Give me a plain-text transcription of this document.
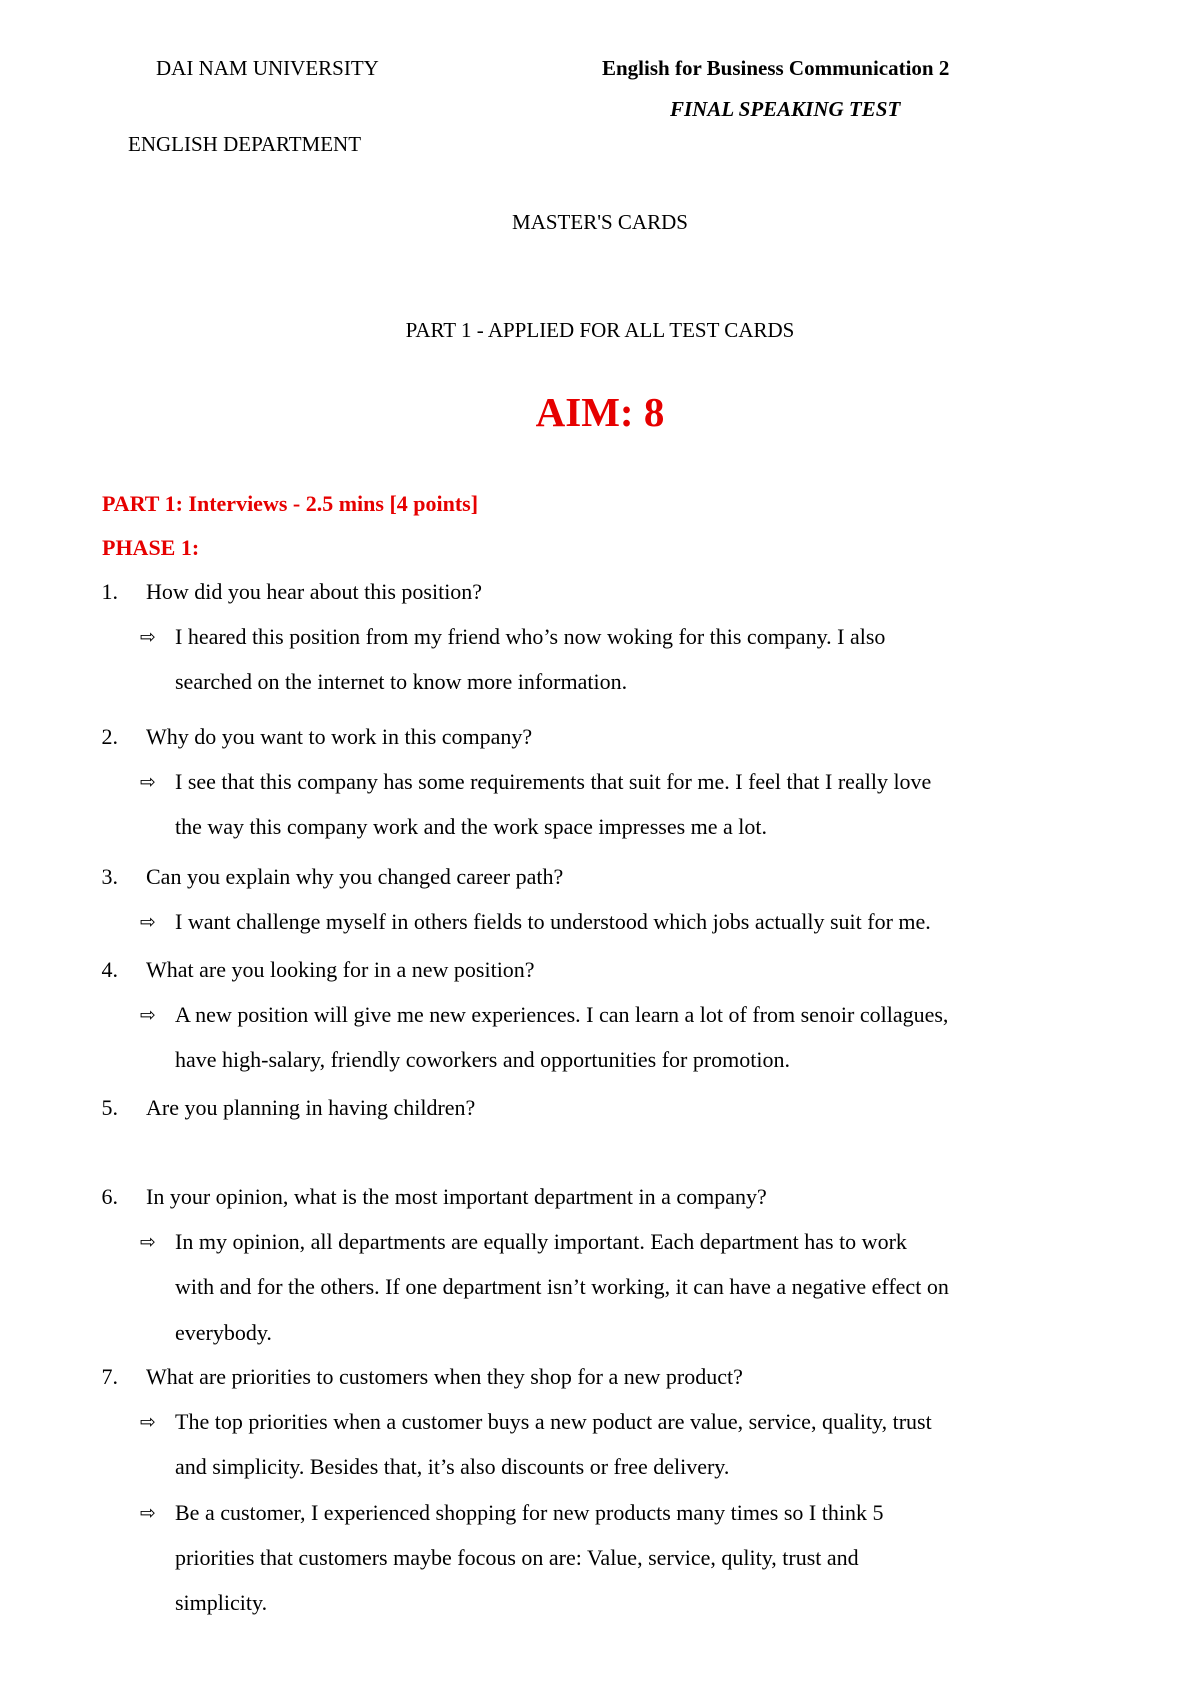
DAI NAM UNIVERSITY
ENGLISH DEPARTMENT
English for Business Communication 2
FINAL SPEAKING TEST
MASTER'S CARDS
PART 1 - APPLIED FOR ALL TEST CARDS
AIM: 8
PART 1: Interviews - 2.5 mins [4 points]
PHASE 1:
1. How did you hear about this position?
⇨ I heared this position from my friend who’s now woking for this company. I also
searched on the internet to know more information.
2. Why do you want to work in this company?
⇨ I see that this company has some requirements that suit for me. I feel that I really love
the way this company work and the work space impresses me a lot.
3. Can you explain why you changed career path?
⇨ I want challenge myself in others fields to understood which jobs actually suit for me.
4. What are you looking for in a new position?
⇨ A new position will give me new experiences. I can learn a lot of from senoir collagues,
have high-salary, friendly coworkers and opportunities for promotion.
5. Are you planning in having children?
6. In your opinion, what is the most important department in a company?
⇨ In my opinion, all departments are equally important. Each department has to work
with and for the others. If one department isn’t working, it can have a negative effect on
everybody.
7. What are priorities to customers when they shop for a new product?
⇨ The top priorities when a customer buys a new poduct are value, service, quality, trust
and simplicity. Besides that, it’s also discounts or free delivery.
⇨ Be a customer, I experienced shopping for new products many times so I think 5
priorities that customers maybe focous on are: Value, service, qulity, trust and
simplicity.
